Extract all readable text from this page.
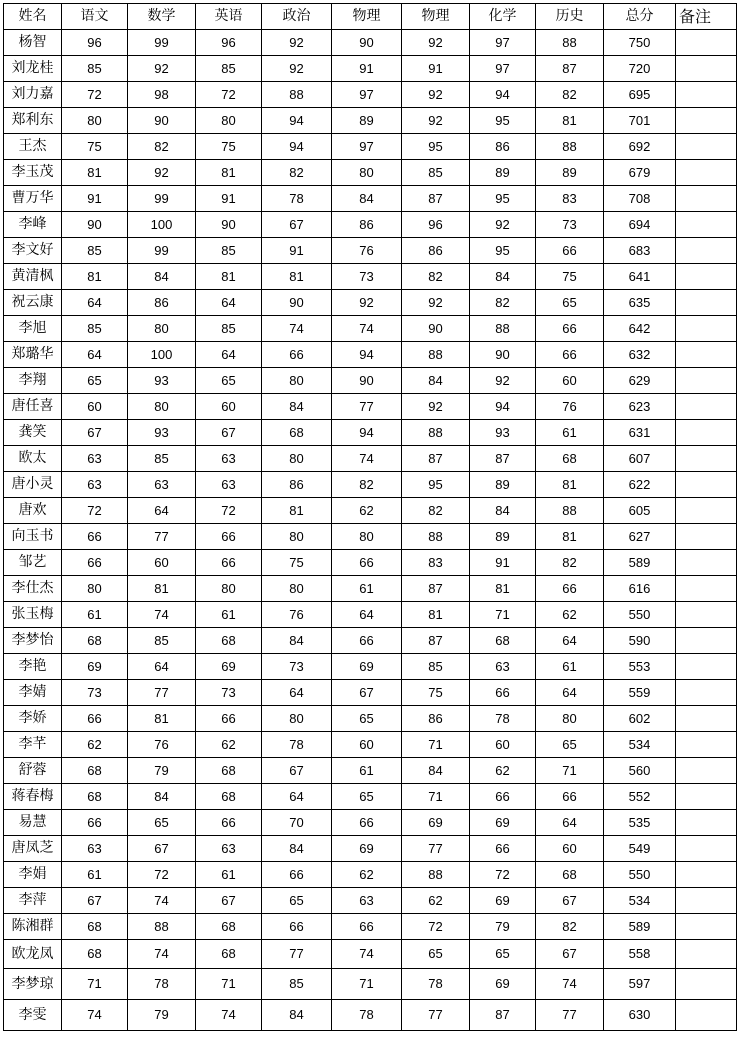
姓名	语文	数学	英语	政治	物理	物理	化学	历史	总分	备注
杨智	96	99	96	92	90	92	97	88	750	
刘龙桂	85	92	85	92	91	91	97	87	720	
刘力嘉	72	98	72	88	97	92	94	82	695	
郑利东	80	90	80	94	89	92	95	81	701	
王杰	75	82	75	94	97	95	86	88	692	
李玉茂	81	92	81	82	80	85	89	89	679	
曹万华	91	99	91	78	84	87	95	83	708	
李峰	90	100	90	67	86	96	92	73	694	
李文好	85	99	85	91	76	86	95	66	683	
黄清枫	81	84	81	81	73	82	84	75	641	
祝云康	64	86	64	90	92	92	82	65	635	
李旭	85	80	85	74	74	90	88	66	642	
郑璐华	64	100	64	66	94	88	90	66	632	
李翔	65	93	65	80	90	84	92	60	629	
唐任喜	60	80	60	84	77	92	94	76	623	
龚笑	67	93	67	68	94	88	93	61	631	
欧太	63	85	63	80	74	87	87	68	607	
唐小灵	63	63	63	86	82	95	89	81	622	
唐欢	72	64	72	81	62	82	84	88	605	
向玉书	66	77	66	80	80	88	89	81	627	
邹艺	66	60	66	75	66	83	91	82	589	
李仕杰	80	81	80	80	61	87	81	66	616	
张玉梅	61	74	61	76	64	81	71	62	550	
李梦怡	68	85	68	84	66	87	68	64	590	
李艳	69	64	69	73	69	85	63	61	553	
李婧	73	77	73	64	67	75	66	64	559	
李娇	66	81	66	80	65	86	78	80	602	
李芊	62	76	62	78	60	71	60	65	534	
舒蓉	68	79	68	67	61	84	62	71	560	
蒋春梅	68	84	68	64	65	71	66	66	552	
易慧	66	65	66	70	66	69	69	64	535	
唐凤芝	63	67	63	84	69	77	66	60	549	
李娟	61	72	61	66	62	88	72	68	550	
李萍	67	74	67	65	63	62	69	67	534	
陈湘群	68	88	68	66	66	72	79	82	589	
欧龙凤	68	74	68	77	74	65	65	67	558	
李梦琼	71	78	71	85	71	78	69	74	597	
李雯	74	79	74	84	78	77	87	77	630	
